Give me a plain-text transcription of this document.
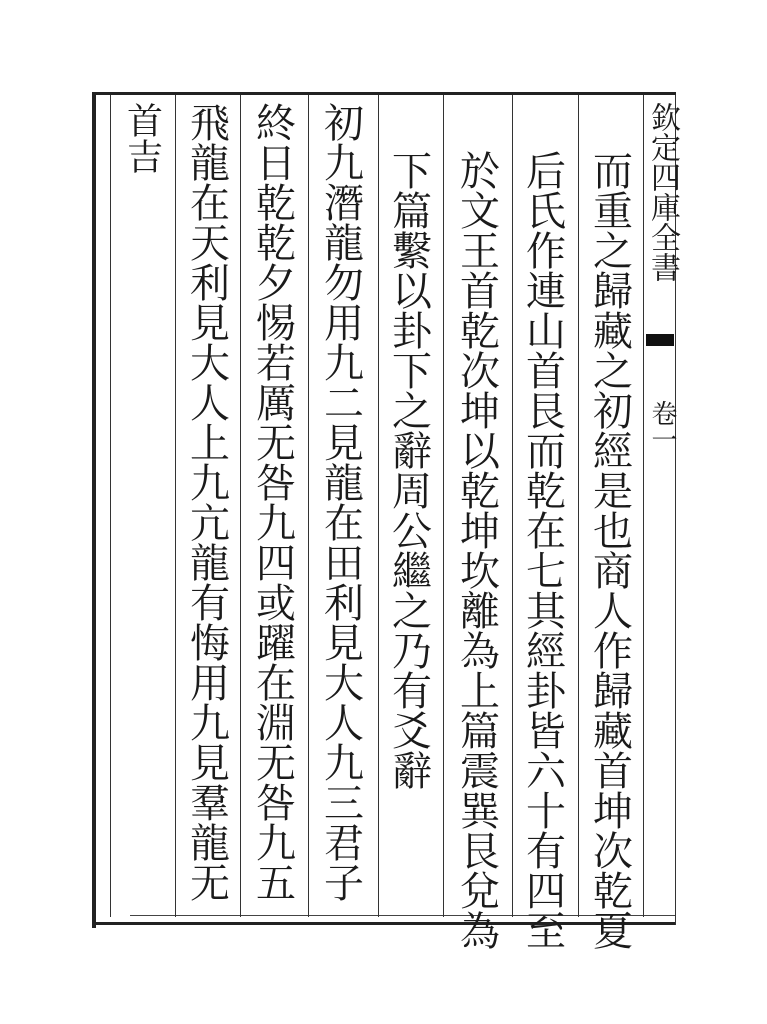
欽定四庫全書
卷一
而重之歸藏之初經是也商人作歸藏首坤次乾夏
后氏作連山首艮而乾在七其經卦皆六十有四至
於文王首乾次坤以乾坤坎離為上篇震巽艮兌為
下篇繫以卦下之辭周公繼之乃有爻辭
初九潛龍勿用九二見龍在田利見大人九三君子
終日乾乾夕惕若厲无咎九四或躍在淵无咎九五
飛龍在天利見大人上九亢龍有悔用九見羣龍无
首吉
